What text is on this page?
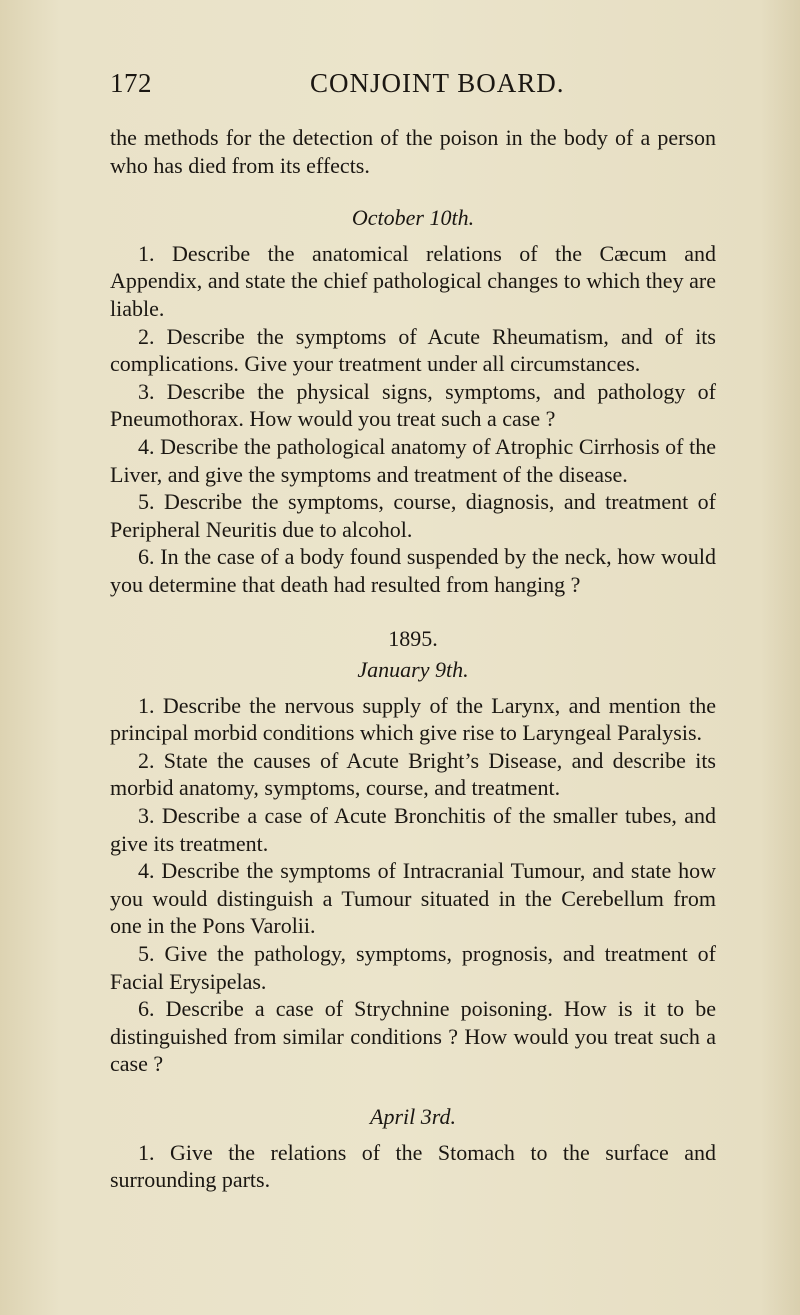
172	CONJOINT BOARD.

the methods for the detection of the poison in the body of a person who has died from its effects.

October 10th.

1. Describe the anatomical relations of the Cæcum and Appendix, and state the chief pathological changes to which they are liable.

2. Describe the symptoms of Acute Rheumatism, and of its complications. Give your treatment under all circumstances.

3. Describe the physical signs, symptoms, and pathology of Pneumothorax. How would you treat such a case ?

4. Describe the pathological anatomy of Atrophic Cirrhosis of the Liver, and give the symptoms and treatment of the disease.

5. Describe the symptoms, course, diagnosis, and treatment of Peripheral Neuritis due to alcohol.

6. In the case of a body found suspended by the neck, how would you determine that death had resulted from hanging ?

1895.
January 9th.

1. Describe the nervous supply of the Larynx, and mention the principal morbid conditions which give rise to Laryngeal Paralysis.

2. State the causes of Acute Bright’s Disease, and describe its morbid anatomy, symptoms, course, and treatment.

3. Describe a case of Acute Bronchitis of the smaller tubes, and give its treatment.

4. Describe the symptoms of Intracranial Tumour, and state how you would distinguish a Tumour situated in the Cerebellum from one in the Pons Varolii.

5. Give the pathology, symptoms, prognosis, and treatment of Facial Erysipelas.

6. Describe a case of Strychnine poisoning. How is it to be distinguished from similar conditions ? How would you treat such a case ?

April 3rd.

1. Give the relations of the Stomach to the surface and surrounding parts.
